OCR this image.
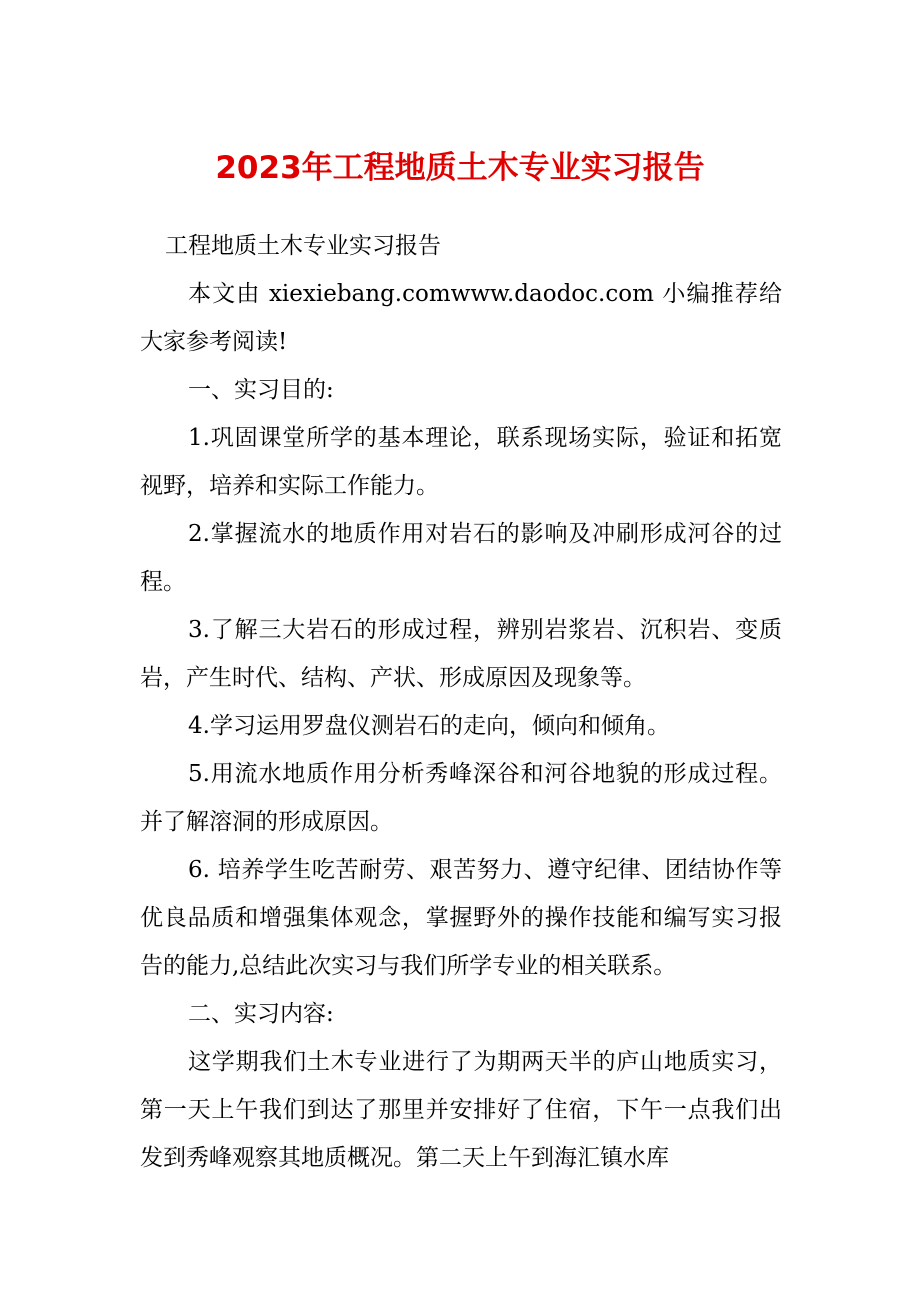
2023年工程地质土木专业实习报告

工程地质土木专业实习报告

本文由 xiexiebang.comwww.daodoc.com 小编推荐给大家参考阅读!

一、实习目的:

1.巩固课堂所学的基本理论，联系现场实际，验证和拓宽视野，培养和实际工作能力。

2.掌握流水的地质作用对岩石的影响及冲刷形成河谷的过程。

3.了解三大岩石的形成过程，辨别岩浆岩、沉积岩、变质岩，产生时代、结构、产状、形成原因及现象等。

4.学习运用罗盘仪测岩石的走向，倾向和倾角。

5.用流水地质作用分析秀峰深谷和河谷地貌的形成过程。并了解溶洞的形成原因。

6. 培养学生吃苦耐劳、艰苦努力、遵守纪律、团结协作等优良品质和增强集体观念，掌握野外的操作技能和编写实习报告的能力,总结此次实习与我们所学专业的相关联系。

二、实习内容:

这学期我们土木专业进行了为期两天半的庐山地质实习，第一天上午我们到达了那里并安排好了住宿，下午一点我们出发到秀峰观察其地质概况。第二天上午到海汇镇水库
